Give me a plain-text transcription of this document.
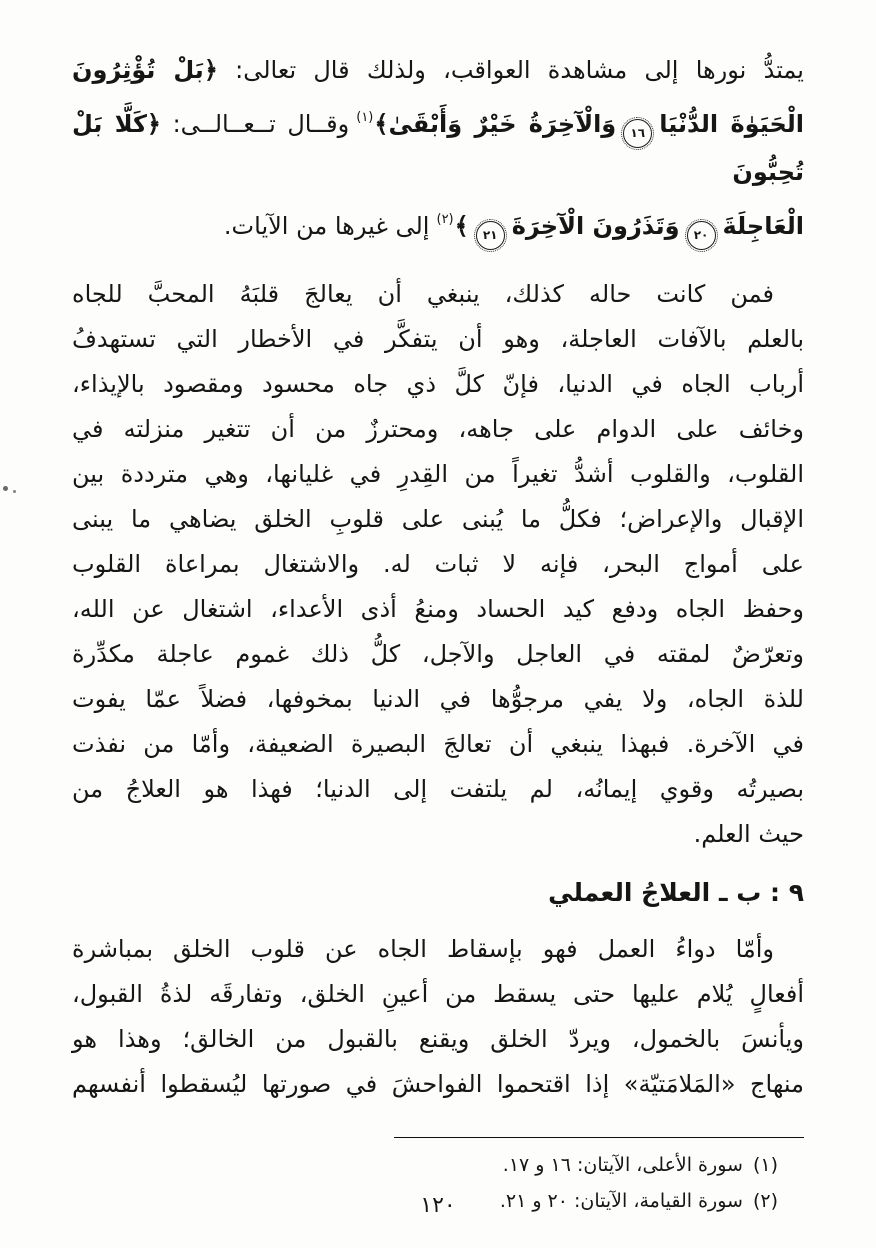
يمتدُّ نورها إلى مشاهدة العواقب، ولذلك قال تعالى: ﴿بَلْ تُؤْثِرُونَ
الْحَيَوٰةَ الدُّنْيَا
١٦
وَالْآخِرَةُ خَيْرٌ وَأَبْقَىٰ﴾$^{(١)}$وقــال تــعــالــى: ﴿كَلَّا بَلْ تُحِبُّونَ
الْعَاجِلَةَ
٢٠
وَتَذَرُونَ الْآخِرَةَ
٢١
﴾$^{(٢)}$إلى غيرها من الآيات.
فمن كانت حاله كذلك، ينبغي أن يعالجَ قلبَهُ المحبَّ للجاه
بالعلم بالآفات العاجلة، وهو أن يتفكَّر في الأخطار التي تستهدفُ
أرباب الجاه في الدنيا، فإنّ كلَّ ذي جاه محسود ومقصود بالإيذاء،
وخائف على الدوام على جاهه، ومحترزٌ من أن تتغير منزلته في
القلوب، والقلوب أشدُّ تغيراً من القِدرِ في غليانها، وهي مترددة بين
الإقبال والإعراض؛ فكلُّ ما يُبنى على قلوبِ الخلق يضاهي ما يبنى
على أمواج البحر، فإنه لا ثبات له. والاشتغال بمراعاة القلوب
وحفظ الجاه ودفع كيد الحساد ومنعُ أذى الأعداء، اشتغال عن الله،
وتعرّضٌ لمقته في العاجل والآجل، كلُّ ذلك غموم عاجلة مكدِّرة
للذة الجاه، ولا يفي مرجوُّها في الدنيا بمخوفها، فضلاً عمّا يفوت
في الآخرة. فبهذا ينبغي أن تعالجَ البصيرة الضعيفة، وأمّا من نفذت
بصيرتُه وقوي إيمانُه، لم يلتفت إلى الدنيا؛ فهذا هو العلاجُ من
حيث العلم.
٩ : ب ـ العلاجُ العملي
وأمّا دواءُ العمل فهو بإسقاط الجاه عن قلوب الخلق بمباشرة
أفعالٍ يُلام عليها حتى يسقط من أعينِ الخلق، وتفارقَه لذةُ القبول،
ويأنسَ بالخمول، ويردّ الخلق ويقنع بالقبول من الخالق؛ وهذا هو
منهاج «المَلامَتيّة» إذا اقتحموا الفواحشَ في صورتها ليُسقطوا أنفسهم
(١)سورة الأعلى، الآيتان: ١٦ و ١٧.
(٢)سورة القيامة، الآيتان: ٢٠ و ٢١.
١٢٠
